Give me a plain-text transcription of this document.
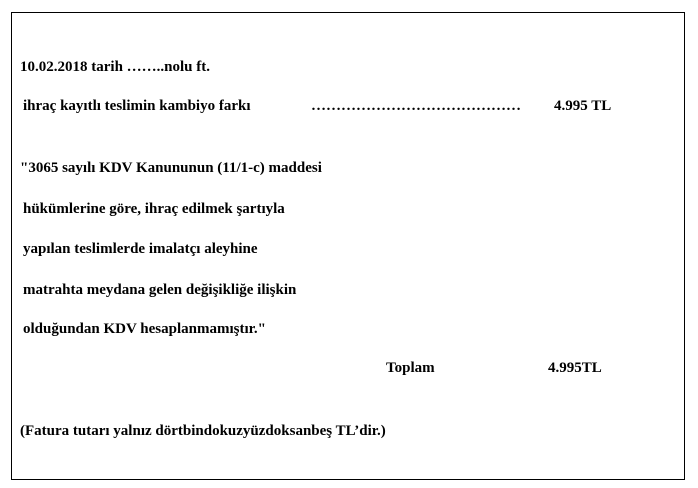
10.02.2018 tarih ……..nolu ft.
ihraç kayıtlı teslimin kambiyo farkı	…………………………………… 4.995 TL
"3065 sayılı KDV Kanununun (11/1-c) maddesi
hükümlerine göre, ihraç edilmek şartıyla
yapılan teslimlerde imalatçı aleyhine
matrahta meydana gelen değişikliğe ilişkin
olduğundan KDV hesaplanmamıştır."
Toplam	4.995TL
(Fatura tutarı yalnız dörtbindokuzyüzdoksanbeş TL’dir.)
